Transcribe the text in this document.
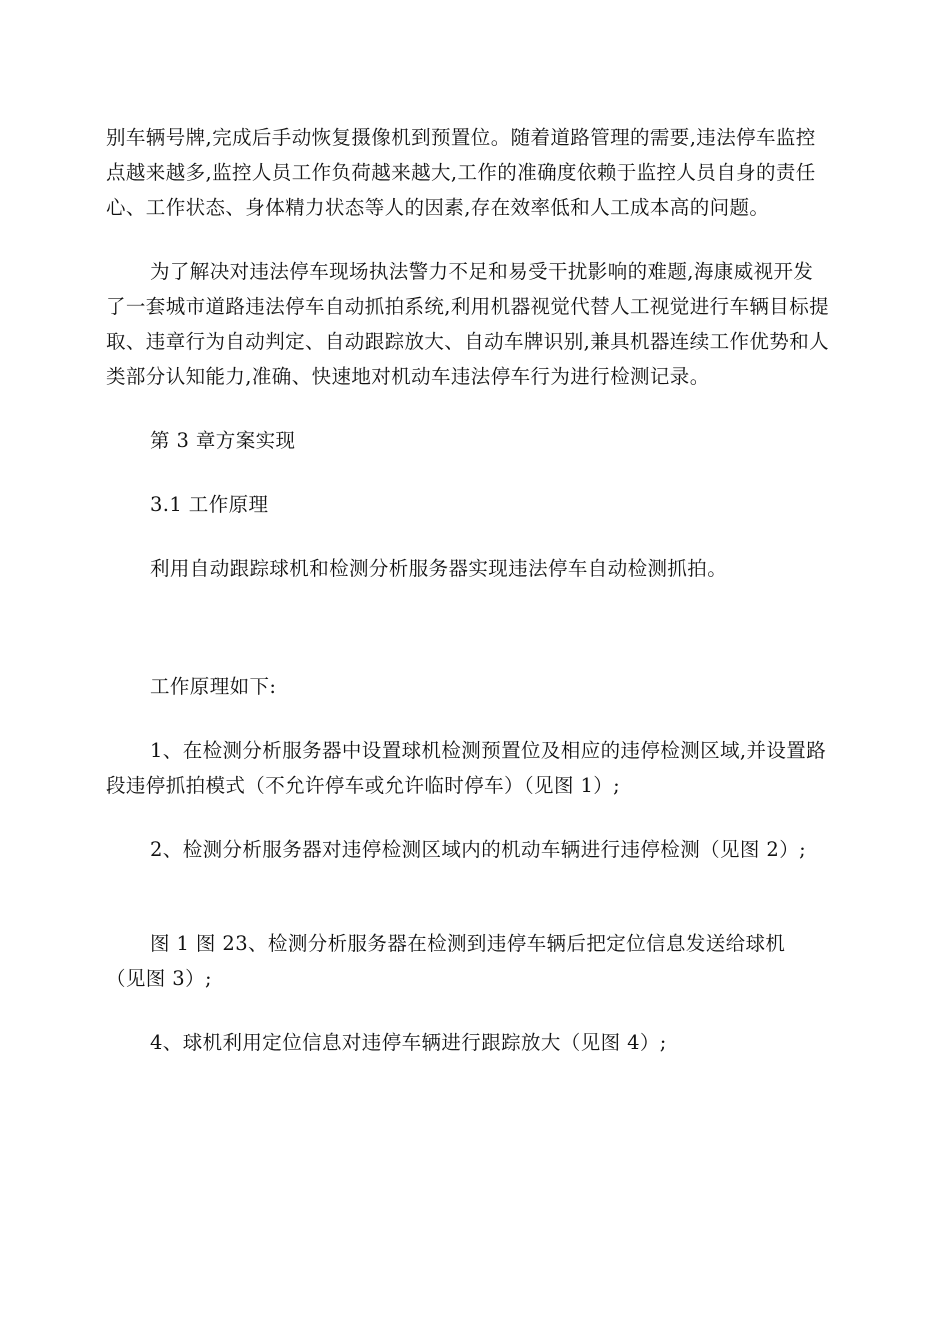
别车辆号牌,完成后手动恢复摄像机到预置位。随着道路管理的需要,违法停车监控
点越来越多,监控人员工作负荷越来越大,工作的准确度依赖于监控人员自身的责任
心、工作状态、身体精力状态等人的因素,存在效率低和人工成本高的问题。
为了解决对违法停车现场执法警力不足和易受干扰影响的难题,海康威视开发
了一套城市道路违法停车自动抓拍系统,利用机器视觉代替人工视觉进行车辆目标提
取、违章行为自动判定、自动跟踪放大、自动车牌识别,兼具机器连续工作优势和人
类部分认知能力,准确、快速地对机动车违法停车行为进行检测记录。
第 3 章方案实现
3.1 工作原理
利用自动跟踪球机和检测分析服务器实现违法停车自动检测抓拍。
工作原理如下:
1、在检测分析服务器中设置球机检测预置位及相应的违停检测区域,并设置路
段违停抓拍模式（不允许停车或允许临时停车）（见图 1）;
2、检测分析服务器对违停检测区域内的机动车辆进行违停检测（见图 2）;
图 1 图 23、检测分析服务器在检测到违停车辆后把定位信息发送给球机
（见图 3）;
4、球机利用定位信息对违停车辆进行跟踪放大（见图 4）;
